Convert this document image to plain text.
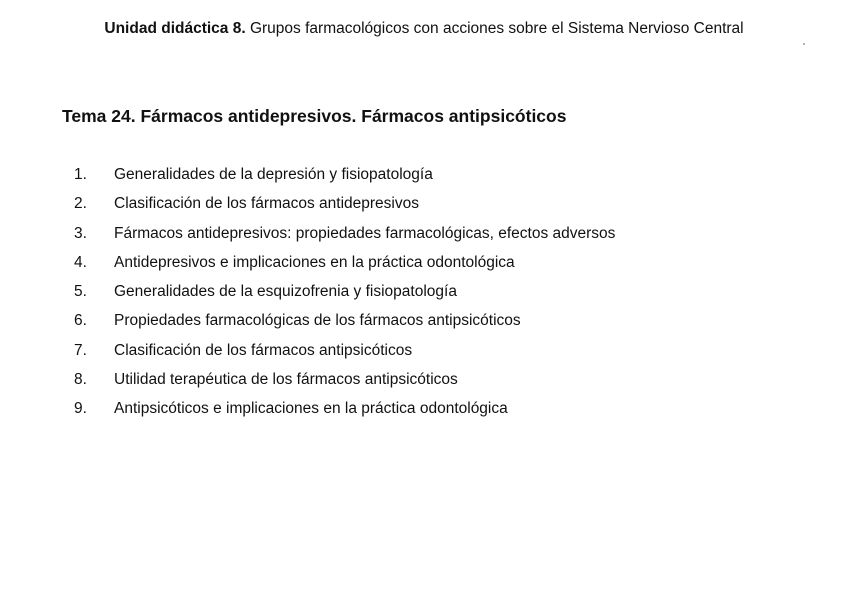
Unidad didáctica 8. Grupos farmacológicos con acciones sobre el Sistema Nervioso Central
Tema 24. Fármacos antidepresivos. Fármacos antipsicóticos
1. Generalidades de la depresión y fisiopatología
2. Clasificación de los fármacos antidepresivos
3. Fármacos antidepresivos: propiedades farmacológicas, efectos adversos
4. Antidepresivos e implicaciones en la práctica odontológica
5. Generalidades de la esquizofrenia y fisiopatología
6. Propiedades farmacológicas de los fármacos antipsicóticos
7. Clasificación de los fármacos antipsicóticos
8. Utilidad terapéutica de los fármacos antipsicóticos
9. Antipsicóticos e implicaciones en la práctica odontológica
